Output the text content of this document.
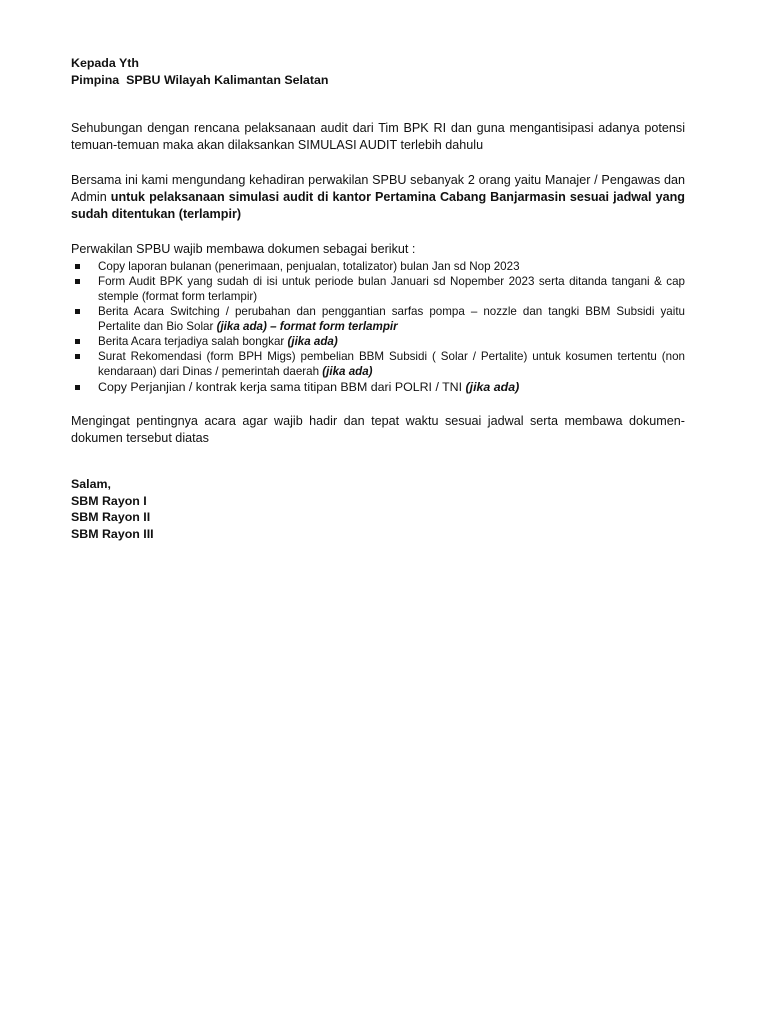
Kepada Yth
Pimpina  SPBU Wilayah Kalimantan Selatan

Sehubungan dengan rencana pelaksanaan audit dari Tim BPK RI dan guna mengantisipasi adanya potensi temuan-temuan maka akan dilaksankan SIMULASI AUDIT terlebih dahulu

Bersama ini kami mengundang kehadiran perwakilan SPBU sebanyak 2 orang yaitu Manajer / Pengawas dan Admin untuk pelaksanaan simulasi audit di kantor Pertamina Cabang Banjarmasin sesuai jadwal yang sudah ditentukan (terlampir)

Perwakilan SPBU wajib membawa dokumen sebagai berikut :

Copy laporan bulanan (penerimaan, penjualan, totalizator) bulan Jan sd Nop 2023
Form Audit BPK yang sudah di isi untuk periode bulan Januari sd Nopember 2023 serta ditanda tangani & cap stemple (format form terlampir)
Berita Acara Switching / perubahan dan penggantian sarfas pompa – nozzle dan tangki BBM Subsidi yaitu Pertalite dan Bio Solar (jika ada) – format form terlampir
Berita Acara terjadiya salah bongkar (jika ada)
Surat Rekomendasi (form BPH Migs) pembelian BBM Subsidi ( Solar / Pertalite) untuk kosumen tertentu (non kendaraan) dari Dinas / pemerintah daerah (jika ada)
Copy Perjanjian / kontrak kerja sama titipan BBM dari POLRI / TNI (jika ada)

Mengingat pentingnya acara agar wajib hadir dan tepat waktu sesuai jadwal serta membawa dokumen-dokumen tersebut diatas

Salam,
SBM Rayon I
SBM Rayon II
SBM Rayon III
